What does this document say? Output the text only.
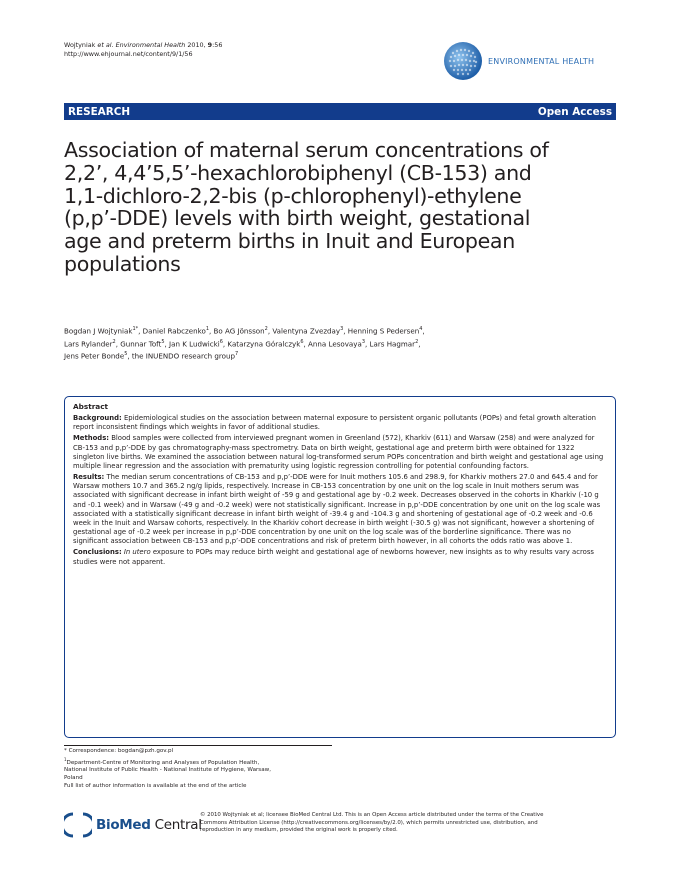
Wojtyniak et al. Environmental Health 2010, 9:56
http://www.ehjournal.net/content/9/1/56
ENVIRONMENTAL HEALTH
RESEARCH	Open Access
Association of maternal serum concentrations of
2,2’, 4,4’5,5’-hexachlorobiphenyl (CB-153) and
1,1-dichloro-2,2-bis (p-chlorophenyl)-ethylene
(p,p’-DDE) levels with birth weight, gestational
age and preterm births in Inuit and European
populations
Bogdan J Wojtyniak$^{1*}$, Daniel Rabczenko$^1$, Bo AG Jönsson$^2$, Valentyna Zvezday$^3$, Henning S Pedersen$^4$,
Lars Rylander$^2$, Gunnar Toft$^5$, Jan K Ludwicki$^6$, Katarzyna Góralczyk$^6$, Anna Lesovaya$^3$, Lars Hagmar$^2$,
Jens Peter Bonde$^5$, the INUENDO research group$^7$
Abstract

Background: Epidemiological studies on the association between maternal exposure to persistent organic pollutants (POPs) and fetal growth alteration report inconsistent findings which weights in favor of additional studies.

Methods: Blood samples were collected from interviewed pregnant women in Greenland (572), Kharkiv (611) and Warsaw (258) and were analyzed for CB-153 and p,p’-DDE by gas chromatography-mass spectrometry. Data on birth weight, gestational age and preterm birth were obtained for 1322 singleton live births. We examined the association between natural log-transformed serum POPs concentration and birth weight and gestational age using multiple linear regression and the association with prematurity using logistic regression controlling for potential confounding factors.

Results: The median serum concentrations of CB-153 and p,p’-DDE were for Inuit mothers 105.6 and 298.9, for Kharkiv mothers 27.0 and 645.4 and for Warsaw mothers 10.7 and 365.2 ng/g lipids, respectively. Increase in CB-153 concentration by one unit on the log scale in Inuit mothers serum was associated with significant decrease in infant birth weight of -59 g and gestational age by -0.2 week. Decreases observed in the cohorts in Kharkiv (-10 g and -0.1 week) and in Warsaw (-49 g and -0.2 week) were not statistically significant. Increase in p,p’-DDE concentration by one unit on the log scale was associated with a statistically significant decrease in infant birth weight of -39.4 g and -104.3 g and shortening of gestational age of -0.2 week and -0.6 week in the Inuit and Warsaw cohorts, respectively. In the Kharkiv cohort decrease in birth weight (-30.5 g) was not significant, however a shortening of gestational age of -0.2 week per increase in p,p’-DDE concentration by one unit on the log scale was of the borderline significance. There was no significant association between CB-153 and p,p’-DDE concentrations and risk of preterm birth however, in all cohorts the odds ratio was above 1.

Conclusions: In utero exposure to POPs may reduce birth weight and gestational age of newborns however, new insights as to why results vary across studies were not apparent.

* Correspondence: bogdan@pzh.gov.pl
$^1$Department-Centre of Monitoring and Analyses of Population Health,
National Institute of Public Health - National Institute of Hygiene, Warsaw,
Poland
Full list of author information is available at the end of the article
BioMed Central
© 2010 Wojtyniak et al; licensee BioMed Central Ltd. This is an Open Access article distributed under the terms of the Creative
Commons Attribution License (http://creativecommons.org/licenses/by/2.0), which permits unrestricted use, distribution, and
reproduction in any medium, provided the original work is properly cited.
